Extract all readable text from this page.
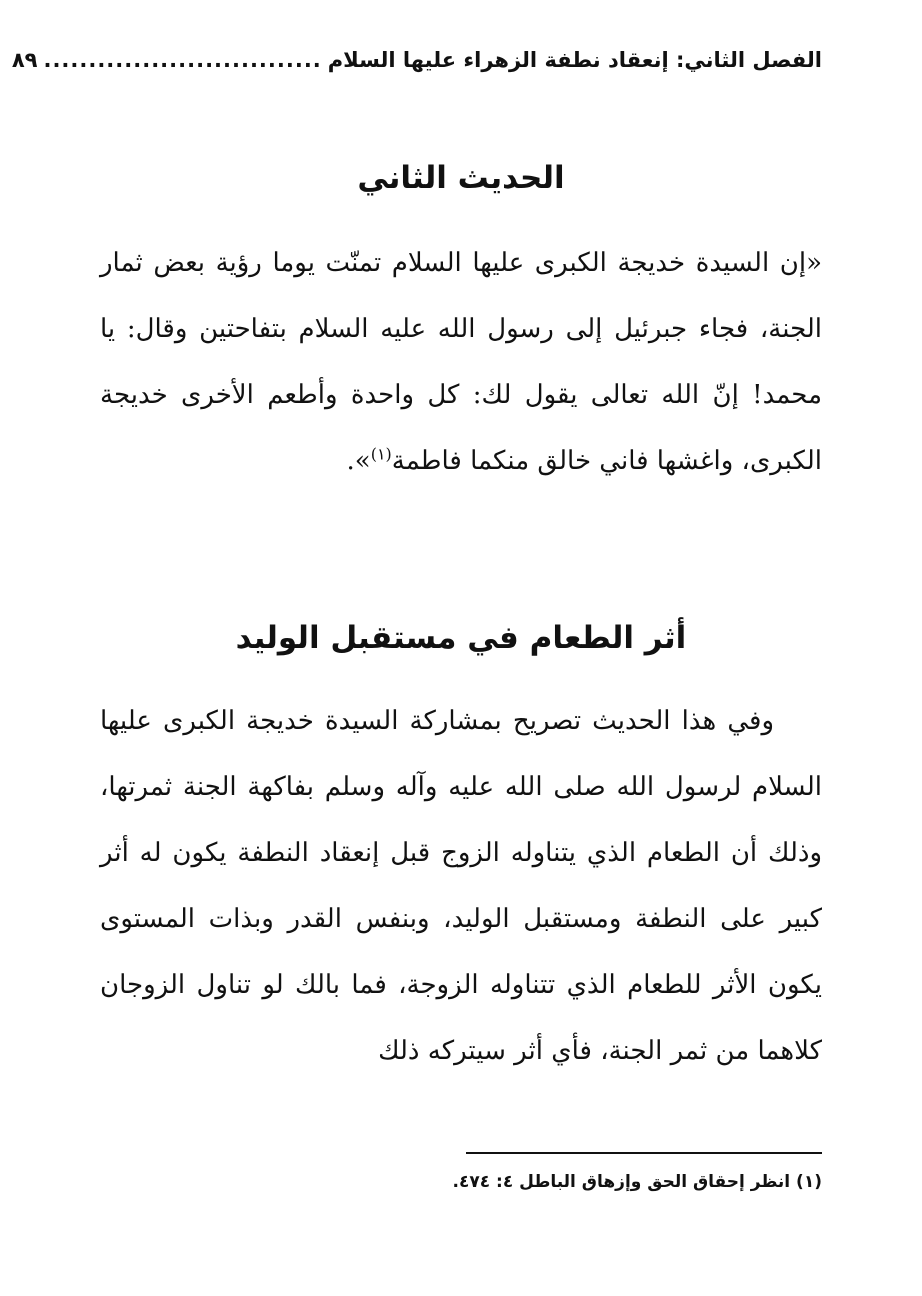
الفصل الثاني: إنعقاد نطفة الزهراء عليها السلام
...............................
٨٩
الحديث الثاني
«إن السيدة خديجة الكبرى عليها السلام تمنّت يوما رؤية بعض ثمار الجنة، فجاء جبرئيل إلى رسول الله عليه السلام بتفاحتين وقال: يا محمد! إنّ الله تعالى يقول لك: كل واحدة وأطعم الأخرى خديجة الكبرى، واغشها فاني خالق منكما فاطمة$^{(١)}$».
أثر الطعام في مستقبل الوليد
وفي هذا الحديث تصريح بمشاركة السيدة خديجة الكبرى عليها السلام لرسول الله صلى الله عليه وآله وسلم بفاكهة الجنة ثمرتها، وذلك أن الطعام الذي يتناوله الزوج قبل إنعقاد النطفة يكون له أثر كبير على النطفة ومستقبل الوليد، وبنفس القدر وبذات المستوى يكون الأثر للطعام الذي تتناوله الزوجة، فما بالك لو تناول الزوجان كلاهما من ثمر الجنة، فأي أثر سيتركه ذلك
(١) انظر إحقاق الحق وإزهاق الباطل ٤: ٤٧٤.
